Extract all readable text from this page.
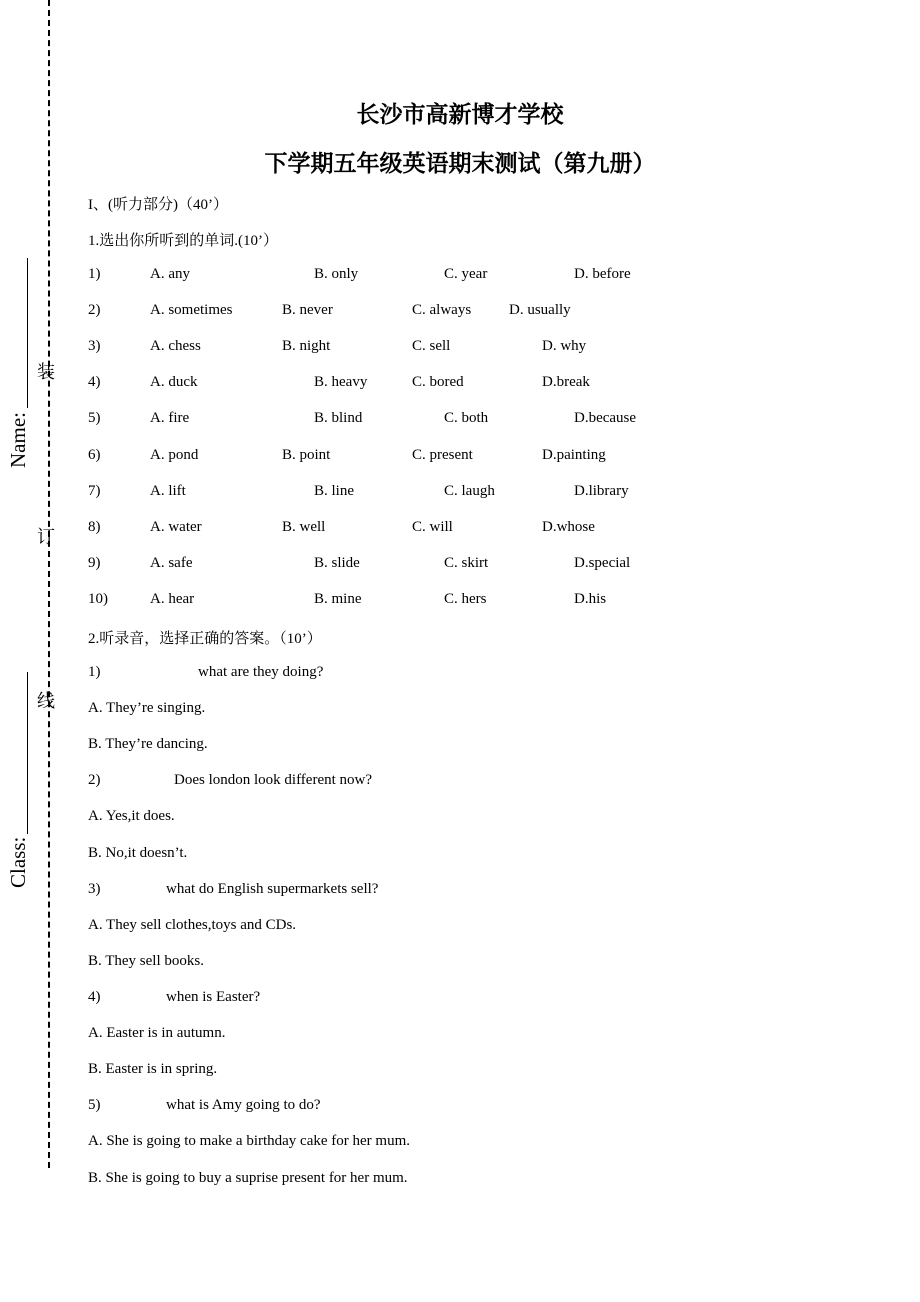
Name:
Class:
装
订
线
长沙市高新博才学校
下学期五年级英语期末测试（第九册）
I、(听力部分)（40’）
1.选出你所听到的单词.(10’）
1)	A. any	B. only	C. year	D. before
2)	A. sometimes	B. never	C. always	D. usually
3)	A. chess	B. night	C. sell	D. why
4)	A. duck	B. heavy	C. bored	D.break
5)	A. fire	B. blind	C. both	D.because
6)	A. pond	B. point	C. present	D.painting
7)	A. lift	B. line	C. laugh	D.library
8)	A. water	B. well	C. will	D.whose
9)	A. safe	B. slide	C. skirt	D.special
10)	A. hear	B. mine	C. hers	D.his
2.听录音，选择正确的答案。（10’）
1)	what are they doing?
A. They’re singing.
B. They’re dancing.
2)	Does london look different now?
A. Yes,it does.
B. No,it doesn’t.
3)	what do English supermarkets sell?
A. They sell clothes,toys and CDs.
B. They sell books.
4)	when is Easter?
A. Easter is in autumn.
B. Easter is in spring.
5)	what is Amy going to do?
A. She is going to make a birthday cake for her mum.
B. She is going to buy a suprise present for her mum.
